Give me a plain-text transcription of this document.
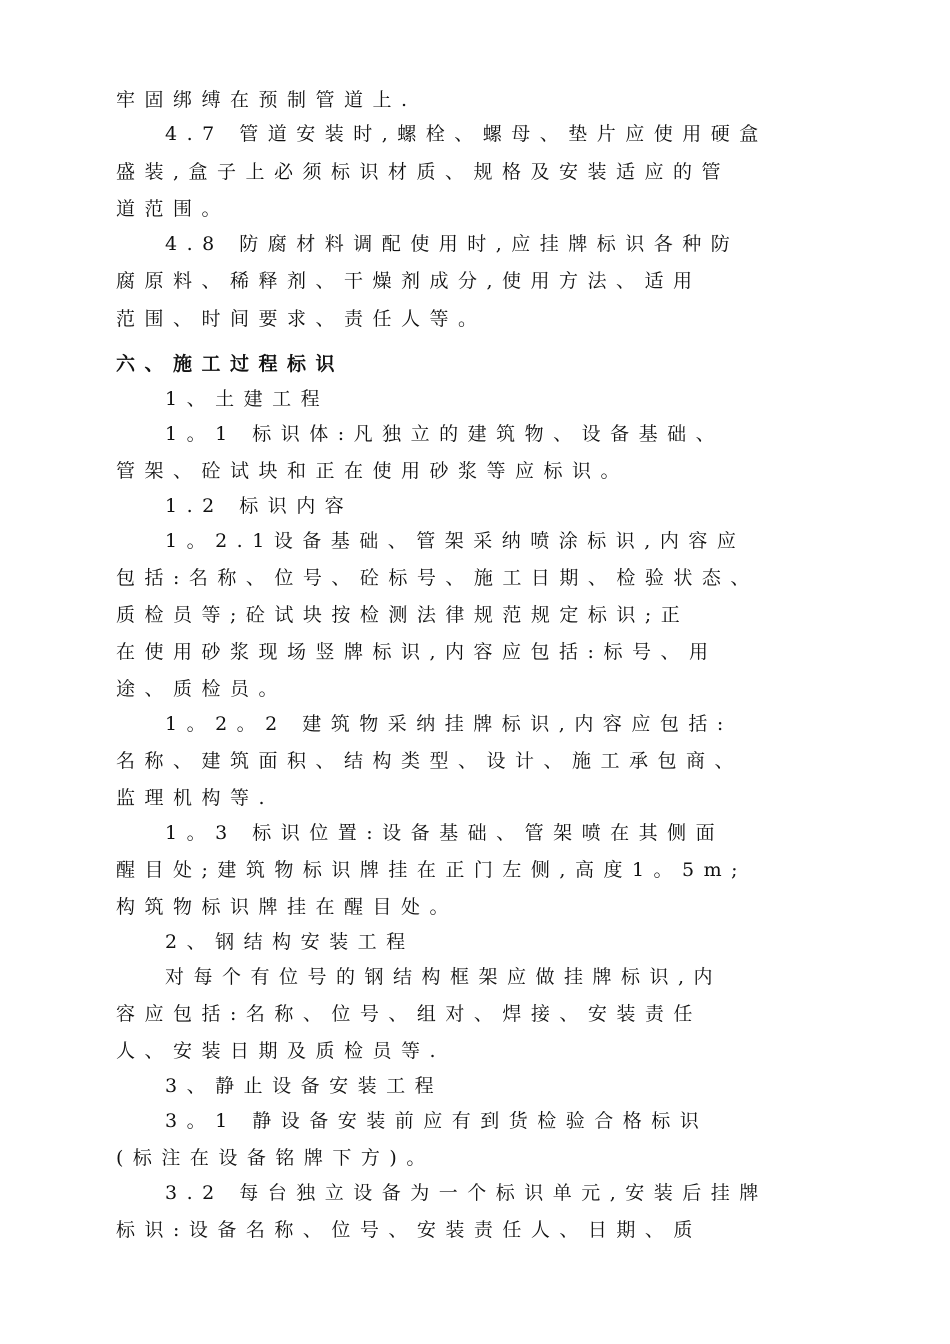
牢固绑缚在预制管道上.
4.7 管道安装时,螺栓、螺母、垫片应使用硬盒
盛装,盒子上必须标识材质、规格及安装适应的管
道范围。
4.8 防腐材料调配使用时,应挂牌标识各种防
腐原料、稀释剂、干燥剂成分,使用方法、适用
范围、时间要求、责任人等。
六、施工过程标识
1、土建工程
1。1 标识体:凡独立的建筑物、设备基础、
管架、砼试块和正在使用砂浆等应标识。
1.2 标识内容
1。2.1设备基础、管架采纳喷涂标识,内容应
包括:名称、位号、砼标号、施工日期、检验状态、
质检员等;砼试块按检测法律规范规定标识;正
在使用砂浆现场竖牌标识,内容应包括:标号、用
途、质检员。
1。2。2 建筑物采纳挂牌标识,内容应包括:
名称、建筑面积、结构类型、设计、施工承包商、
监理机构等.
1。3 标识位置:设备基础、管架喷在其侧面
醒目处;建筑物标识牌挂在正门左侧,高度1。5m;
构筑物标识牌挂在醒目处。
2、钢结构安装工程
对每个有位号的钢结构框架应做挂牌标识,内
容应包括:名称、位号、组对、焊接、安装责任
人、安装日期及质检员等.
3、静止设备安装工程
3。1 静设备安装前应有到货检验合格标识
(标注在设备铭牌下方)。
3.2 每台独立设备为一个标识单元,安装后挂牌
标识:设备名称、位号、安装责任人、日期、质
